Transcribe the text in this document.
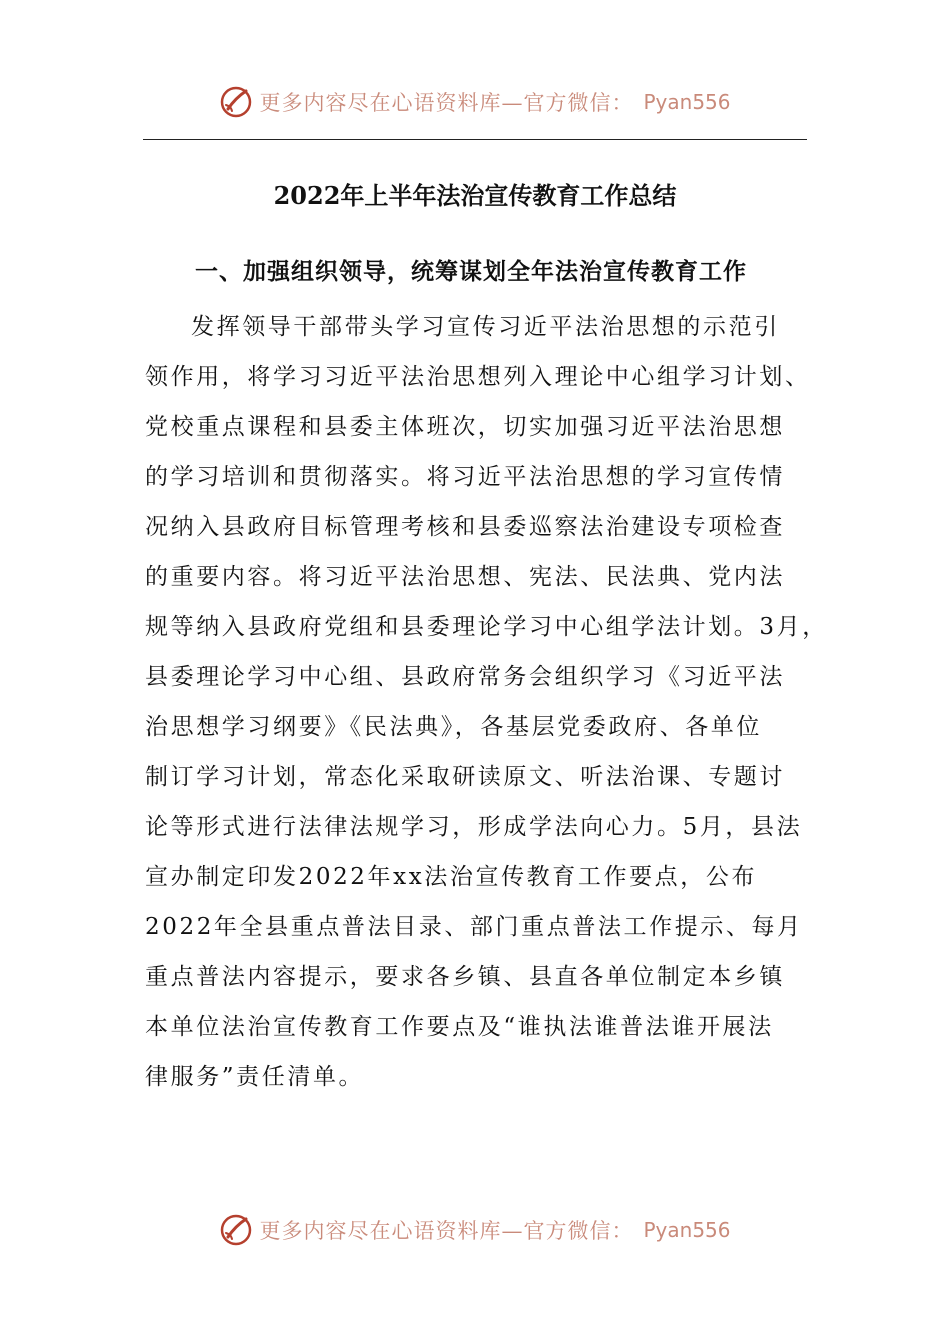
更多内容尽在心语资料库—官方微信： Pyan556
2022年上半年法治宣传教育工作总结
一、加强组织领导，统筹谋划全年法治宣传教育工作
发挥领导干部带头学习宣传习近平法治思想的示范引
领作用，将学习习近平法治思想列入理论中心组学习计划、
党校重点课程和县委主体班次，切实加强习近平法治思想
的学习培训和贯彻落实。将习近平法治思想的学习宣传情
况纳入县政府目标管理考核和县委巡察法治建设专项检查
的重要内容。将习近平法治思想、宪法、民法典、党内法
规等纳入县政府党组和县委理论学习中心组学法计划。3月，
县委理论学习中心组、县政府常务会组织学习《习近平法
治思想学习纲要》《民法典》，各基层党委政府、各单位
制订学习计划，常态化采取研读原文、听法治课、专题讨
论等形式进行法律法规学习，形成学法向心力。5月，县法
宣办制定印发2022年xx法治宣传教育工作要点，公布
2022年全县重点普法目录、部门重点普法工作提示、每月
重点普法内容提示，要求各乡镇、县直各单位制定本乡镇
本单位法治宣传教育工作要点及“谁执法谁普法谁开展法
律服务”责任清单。
更多内容尽在心语资料库—官方微信： Pyan556
